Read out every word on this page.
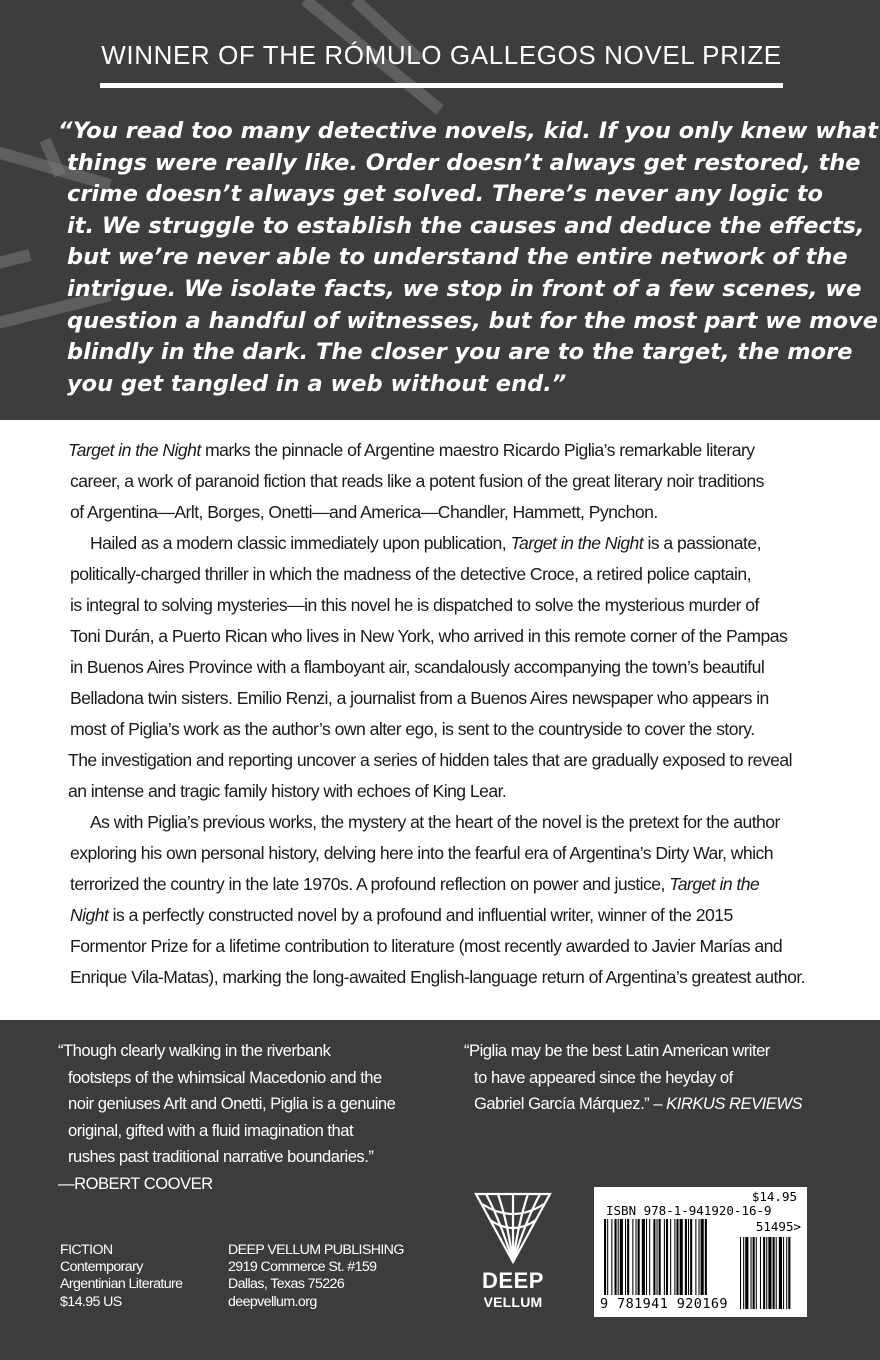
WINNER OF THE RÓMULO GALLEGOS NOVEL PRIZE
“You read too many detective novels, kid. If you only knew what
things were really like. Order doesn’t always get restored, the
crime doesn’t always get solved. There’s never any logic to
it. We struggle to establish the causes and deduce the effects,
but we’re never able to understand the entire network of the
intrigue. We isolate facts, we stop in front of a few scenes, we
question a handful of witnesses, but for the most part we move
blindly in the dark. The closer you are to the target, the more
you get tangled in a web without end.”
Target in the Night marks the pinnacle of Argentine maestro Ricardo Piglia’s remarkable literary
career, a work of paranoid fiction that reads like a potent fusion of the great literary noir traditions
of Argentina—Arlt, Borges, Onetti—and America—Chandler, Hammett, Pynchon.
Hailed as a modern classic immediately upon publication, Target in the Night is a passionate,
politically-charged thriller in which the madness of the detective Croce, a retired police captain,
is integral to solving mysteries—in this novel he is dispatched to solve the mysterious murder of
Toni Durán, a Puerto Rican who lives in New York, who arrived in this remote corner of the Pampas
in Buenos Aires Province with a flamboyant air, scandalously accompanying the town’s beautiful
Belladona twin sisters. Emilio Renzi, a journalist from a Buenos Aires newspaper who appears in
most of Piglia’s work as the author’s own alter ego, is sent to the countryside to cover the story.
The investigation and reporting uncover a series of hidden tales that are gradually exposed to reveal
an intense and tragic family history with echoes of King Lear.
As with Piglia’s previous works, the mystery at the heart of the novel is the pretext for the author
exploring his own personal history, delving here into the fearful era of Argentina’s Dirty War, which
terrorized the country in the late 1970s. A profound reflection on power and justice, Target in the
Night is a perfectly constructed novel by a profound and influential writer, winner of the 2015
Formentor Prize for a lifetime contribution to literature (most recently awarded to Javier Marías and
Enrique Vila-Matas), marking the long-awaited English-language return of Argentina’s greatest author.
“Though clearly walking in the riverbank
footsteps of the whimsical Macedonio and the
noir geniuses Arlt and Onetti, Piglia is a genuine
original, gifted with a fluid imagination that
rushes past traditional narrative boundaries.”
—ROBERT COOVER
“Piglia may be the best Latin American writer
to have appeared since the heyday of
Gabriel García Márquez.” – KIRKUS REVIEWS
FICTION
Contemporary
Argentinian Literature
$14.95 US
DEEP VELLUM PUBLISHING
2919 Commerce St. #159
Dallas, Texas 75226
deepvellum.org
DEEP
VELLUM
$14.95
ISBN 978-1-941920-16-9
51495>
9 781941 920169
